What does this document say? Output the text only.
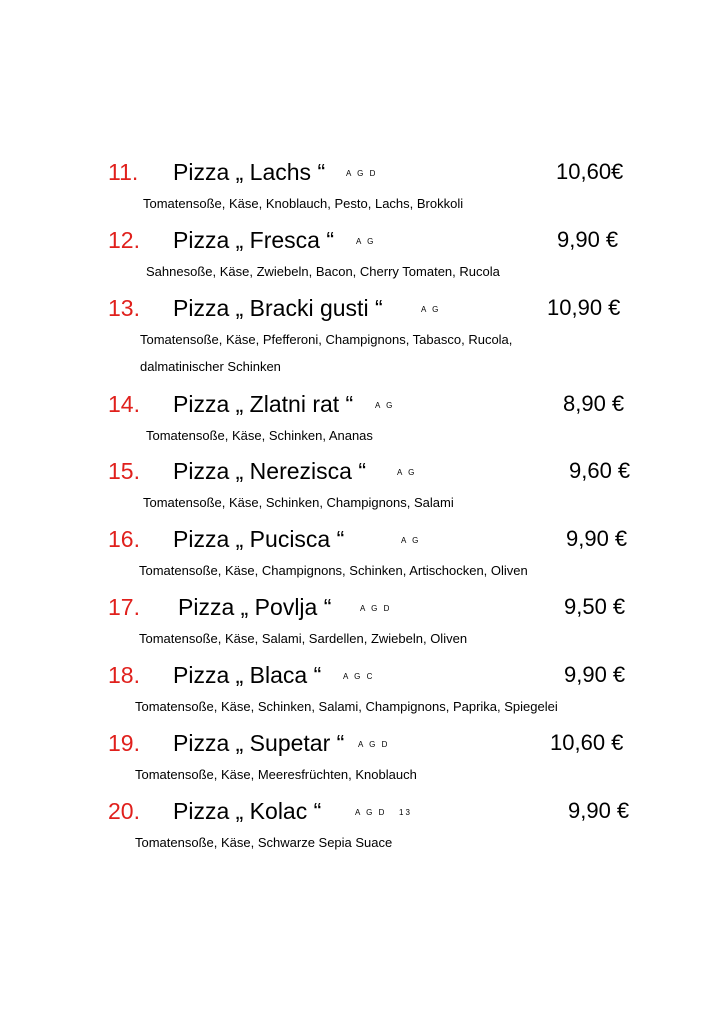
11. Pizza „ Lachs “	A G D	10,60€
Tomatensoße, Käse, Knoblauch, Pesto, Lachs, Brokkoli
12. Pizza „ Fresca “	A G	9,90 €
Sahnesoße, Käse, Zwiebeln, Bacon, Cherry Tomaten, Rucola
13. Pizza „ Bracki gusti “	A G	10,90 €
Tomatensoße, Käse, Pfefferoni, Champignons, Tabasco, Rucola,
dalmatinischer Schinken
14. Pizza „ Zlatni rat “	A G	8,90 €
Tomatensoße, Käse, Schinken, Ananas
15. Pizza „ Nerezisca “	A G	9,60 €
Tomatensoße, Käse, Schinken, Champignons, Salami
16. Pizza „ Pucisca “	A G	9,90 €
Tomatensoße, Käse, Champignons, Schinken, Artischocken, Oliven
17. Pizza „ Povlja “	A G D	9,50 €
Tomatensoße, Käse, Salami, Sardellen, Zwiebeln, Oliven
18. Pizza „ Blaca “	A G C	9,90 €
Tomatensoße, Käse, Schinken, Salami, Champignons, Paprika, Spiegelei
19. Pizza „ Supetar “ A G D	10,60 €
Tomatensoße, Käse, Meeresfrüchten, Knoblauch
20. Pizza „ Kolac “	A G D   13	9,90 €
Tomatensoße, Käse, Schwarze Sepia Suace
